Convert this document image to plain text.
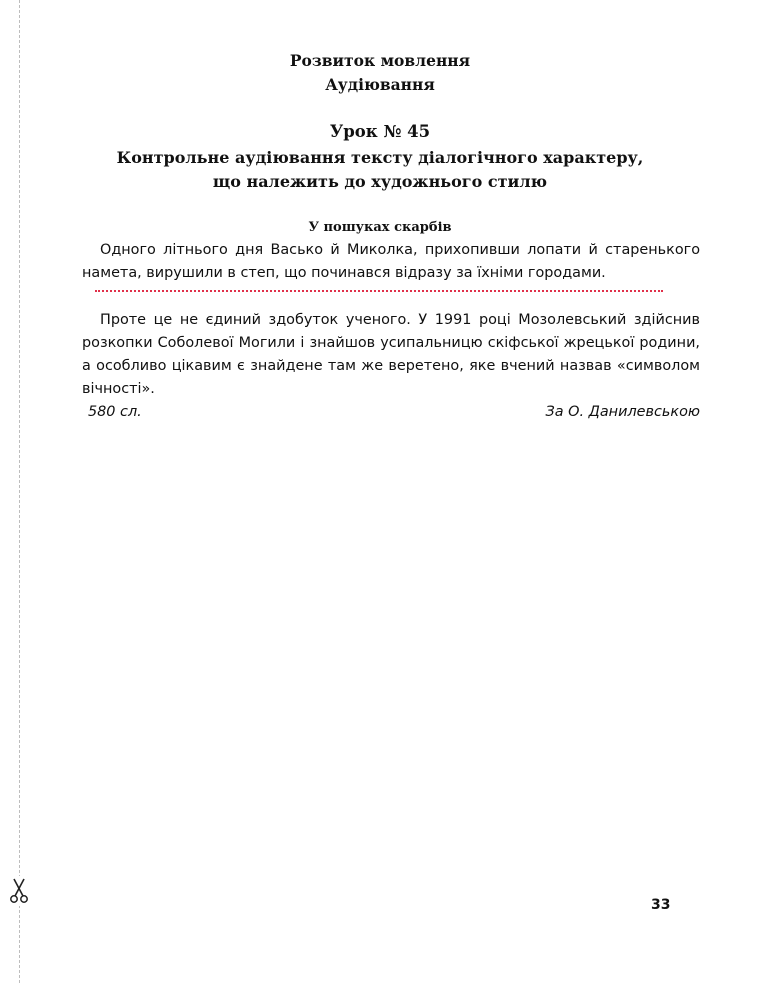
Розвиток мовлення
Аудіювання
Урок № 45
Контрольне аудіювання тексту діалогічного характеру,
що належить до художнього стилю
У пошуках скарбів

Одного літнього дня Васько й Миколка, прихопивши лопати й старенького намета, вирушили в степ, що починався відразу за їхніми городами.

Проте це не єдиний здобуток ученого. У 1991 році Мозолевський здійснив розкопки Соболевої Могили і знайшов усипальницю скіфської жрецької родини, а особливо цікавим є знайдене там же веретено, яке вчений назвав «символом вічності».

580 сл.	За О. Данилевською
33
